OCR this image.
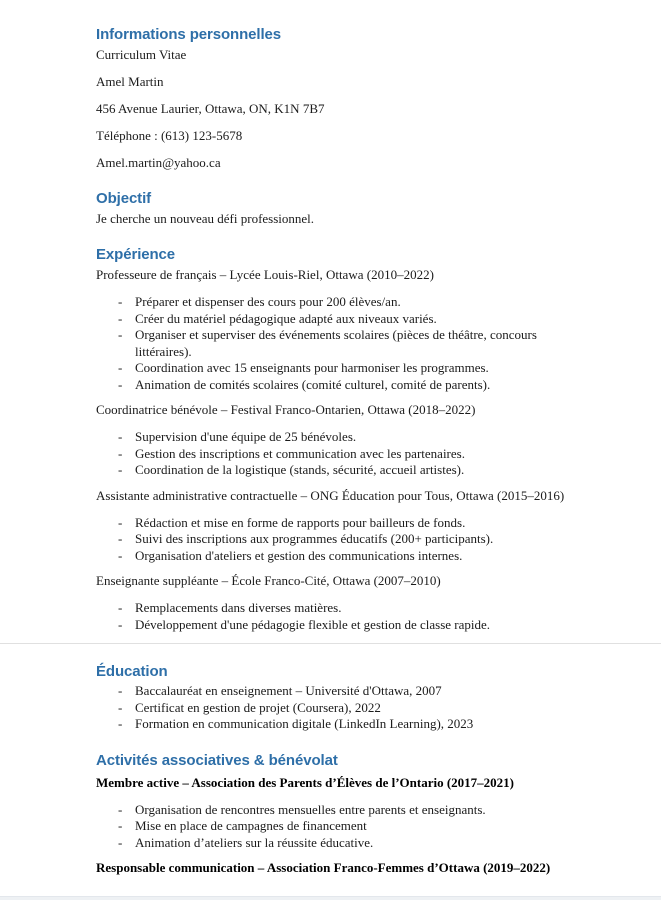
Informations personnelles

Curriculum Vitae

Amel Martin

456 Avenue Laurier, Ottawa, ON, K1N 7B7

Téléphone : (613) 123-5678

Amel.martin@yahoo.ca

Objectif

Je cherche un nouveau défi professionnel.

Expérience

Professeure de français – Lycée Louis-Riel, Ottawa (2010–2022)

- Préparer et dispenser des cours pour 200 élèves/an.
- Créer du matériel pédagogique adapté aux niveaux variés.
- Organiser et superviser des événements scolaires (pièces de théâtre, concours littéraires).
- Coordination avec 15 enseignants pour harmoniser les programmes.
- Animation de comités scolaires (comité culturel, comité de parents).

Coordinatrice bénévole – Festival Franco-Ontarien, Ottawa (2018–2022)

- Supervision d'une équipe de 25 bénévoles.
- Gestion des inscriptions et communication avec les partenaires.
- Coordination de la logistique (stands, sécurité, accueil artistes).

Assistante administrative contractuelle – ONG Éducation pour Tous, Ottawa (2015–2016)

- Rédaction et mise en forme de rapports pour bailleurs de fonds.
- Suivi des inscriptions aux programmes éducatifs (200+ participants).
- Organisation d'ateliers et gestion des communications internes.

Enseignante suppléante – École Franco-Cité, Ottawa (2007–2010)

- Remplacements dans diverses matières.
- Développement d'une pédagogie flexible et gestion de classe rapide.
Éducation
- Baccalauréat en enseignement – Université d'Ottawa, 2007
- Certificat en gestion de projet (Coursera), 2022
- Formation en communication digitale (LinkedIn Learning), 2023
Activités associatives & bénévolat

Membre active – Association des Parents d’Élèves de l’Ontario (2017–2021)

- Organisation de rencontres mensuelles entre parents et enseignants.
- Mise en place de campagnes de financement
- Animation d’ateliers sur la réussite éducative.

Responsable communication – Association Franco-Femmes d’Ottawa (2019–2022)
